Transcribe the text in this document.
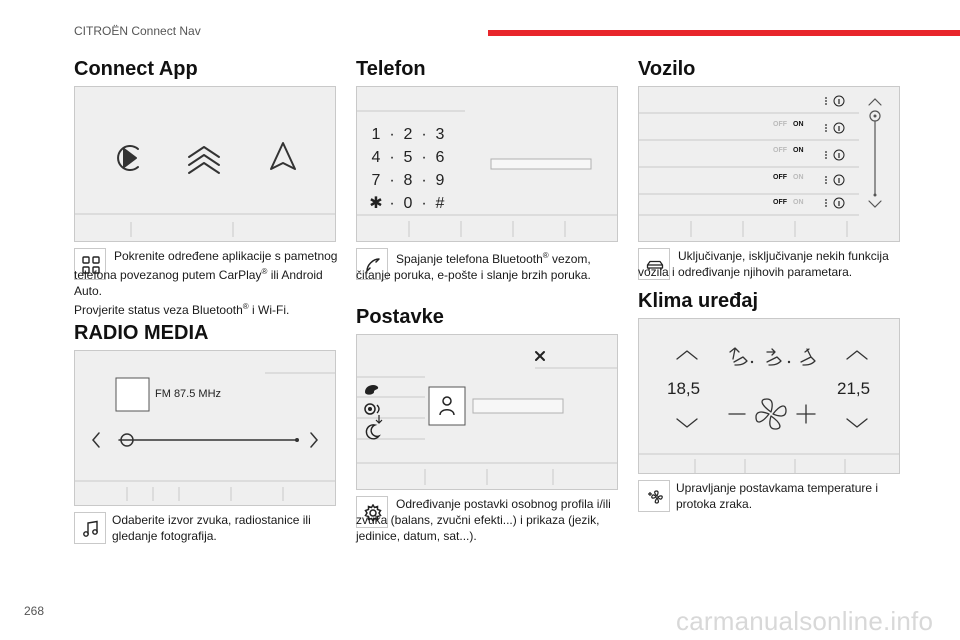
CITROËN Connect Nav
Connect App
Pokrenite određene aplikacije s pametnog telefona povezanog putem CarPlay® ili Android Auto.
Provjerite status veza Bluetooth® i Wi-Fi.
RADIO MEDIA
FM 87.5 MHz
Odaberite izvor zvuka, radiostanice ili gledanje fotografija.
Telefon
1 · 2 · 3
4 · 5 · 6
7 · 8 · 9
✱ · 0 · #
Spajanje telefona Bluetooth® vezom, čitanje poruka, e-pošte i slanje brzih poruka.
Postavke
Određivanje postavki osobnog profila i/ili zvuka (balans, zvučni efekti...) i prikaza (jezik, jedinice, datum, sat...).
Vozilo
OFF ON
OFF ON
OFF ON
OFF ON
Uključivanje, isključivanje nekih funkcija vozila i određivanje njihovih parametara.
Klima uređaj
18,5	21,5
Upravljanje postavkama temperature i protoka zraka.
268	carmanualsonline.info
